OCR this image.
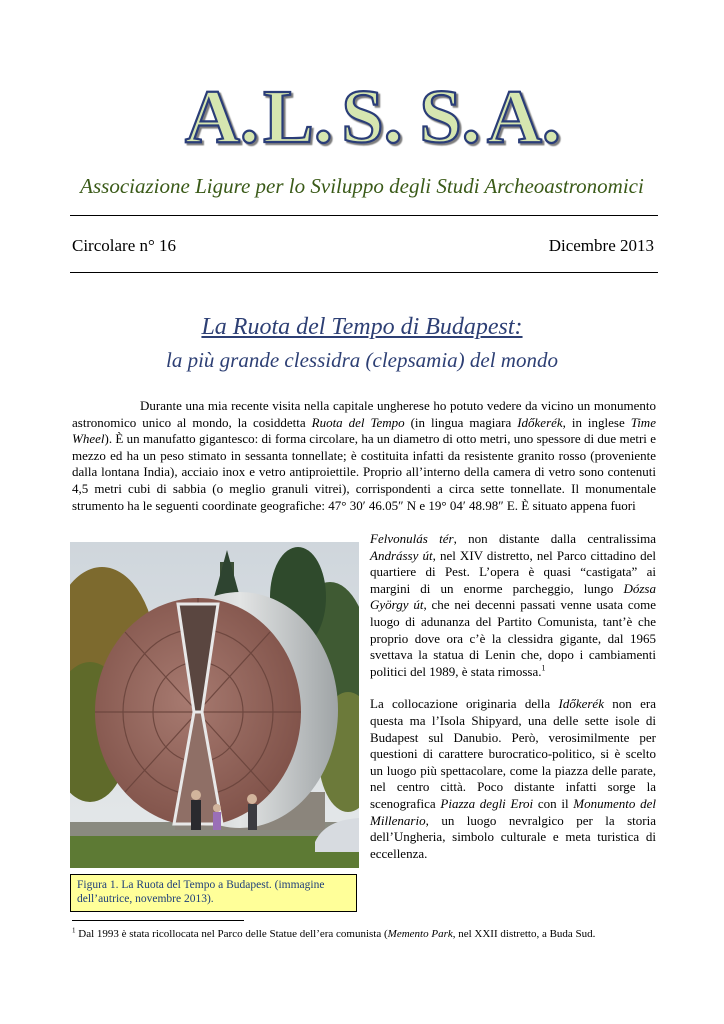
A. L. S. S. A.
Associazione Ligure per lo Sviluppo degli Studi Archeoastronomici
Circolare n° 16	Dicembre 2013
La Ruota del Tempo di Budapest:
la più grande clessidra (clepsamia) del mondo

Durante una mia recente visita nella capitale ungherese ho potuto vedere da vicino un monumento astronomico unico al mondo, la cosiddetta Ruota del Tempo (in lingua magiara Időkerék, in inglese Time Wheel). È un manufatto gigantesco: di forma circolare, ha un diametro di otto metri, uno spessore di due metri e mezzo ed ha un peso stimato in sessanta tonnellate; è costituita infatti da resistente granito rosso (proveniente dalla lontana India), acciaio inox e vetro antiproiettile. Proprio all’interno della camera di vetro sono contenuti 4,5 metri cubi di sabbia (o meglio granuli vitrei), corrispondenti a circa sette tonnellate. Il monumentale strumento ha le seguenti coordinate geografiche: 47° 30′ 46.05″ N e 19° 04′ 48.98″ E. È situato appena fuori

Figura 1. La Ruota del Tempo a Budapest. (immagine dell’autrice, novembre 2013).

Felvonulás tér, non distante dalla centralissima Andrássy út, nel XIV distretto, nel Parco cittadino del quartiere di Pest. L’opera è quasi “castigata” ai margini di un enorme parcheggio, lungo Dózsa György út, che nei decenni passati venne usata come luogo di adunanza del Partito Comunista, tant’è che proprio dove ora c’è la clessidra gigante, dal 1965 svettava la statua di Lenin che, dopo i cambiamenti politici del 1989, è stata rimossa.$^1$

La collocazione originaria della Időkerék non era questa ma l’Isola Shipyard, una delle sette isole di Budapest sul Danubio. Però, verosimilmente per questioni di carattere burocratico-politico, si è scelto un luogo più spettacolare, come la piazza delle parate, nel centro città. Poco distante infatti sorge la scenografica Piazza degli Eroi con il Monumento del Millenario, un luogo nevralgico per la storia dell’Ungheria, simbolo culturale e meta turistica di eccellenza.

$^1$ Dal 1993 è stata ricollocata nel Parco delle Statue dell’era comunista (Memento Park, nel XXII distretto, a Buda Sud.
